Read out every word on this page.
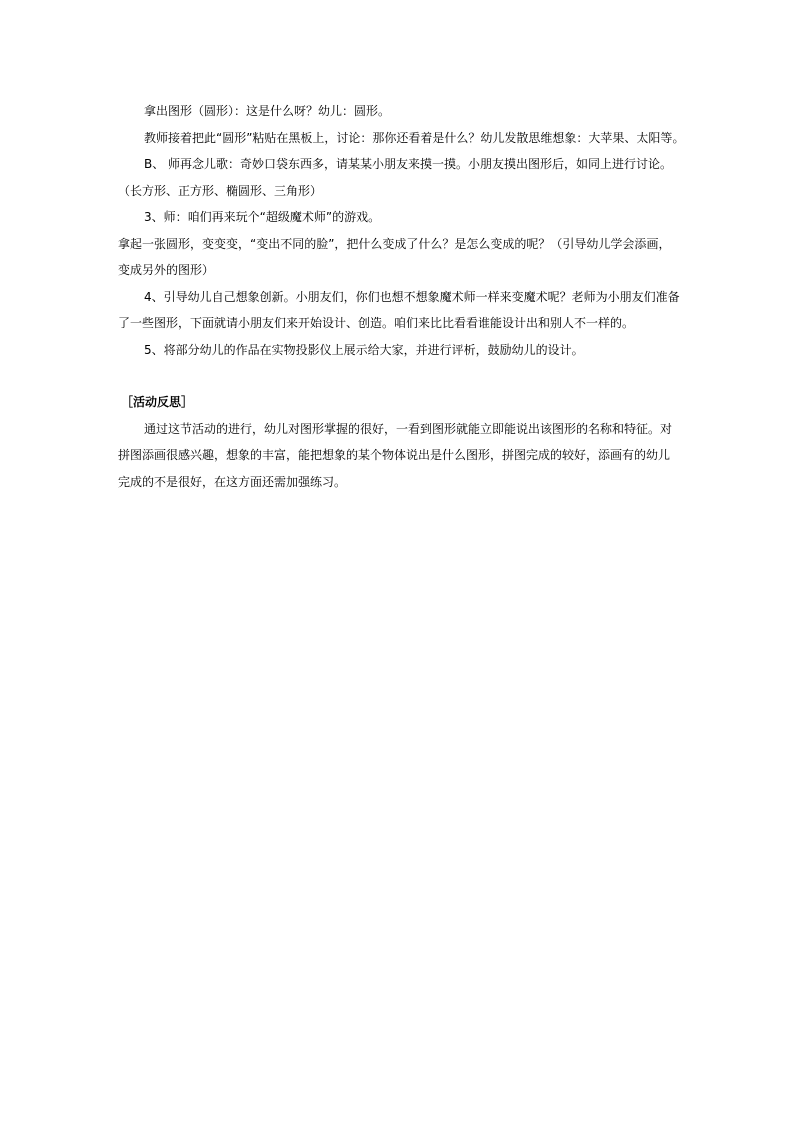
拿出图形（圆形）：这是什么呀？幼儿：圆形。

教师接着把此“圆形”粘贴在黑板上，讨论：那你还看着是什么？幼儿发散思维想象：大苹果、太阳等。

B、 师再念儿歌：奇妙口袋东西多，请某某小朋友来摸一摸。小朋友摸出图形后，如同上进行讨论。

（长方形、正方形、椭圆形、三角形）

3、师：咱们再来玩个“超级魔术师”的游戏。

拿起一张圆形，变变变，“变出不同的脸”，把什么变成了什么？是怎么变成的呢？（引导幼儿学会添画，

变成另外的图形）

4、引导幼儿自己想象创新。小朋友们，你们也想不想象魔术师一样来变魔术呢？老师为小朋友们准备

了一些图形，下面就请小朋友们来开始设计、创造。咱们来比比看看谁能设计出和别人不一样的。

5、将部分幼儿的作品在实物投影仪上展示给大家，并进行评析，鼓励幼儿的设计。

［活动反思］

通过这节活动的进行，幼儿对图形掌握的很好，一看到图形就能立即能说出该图形的名称和特征。对

拼图添画很感兴趣，想象的丰富，能把想象的某个物体说出是什么图形，拼图完成的较好，添画有的幼儿

完成的不是很好，在这方面还需加强练习。
